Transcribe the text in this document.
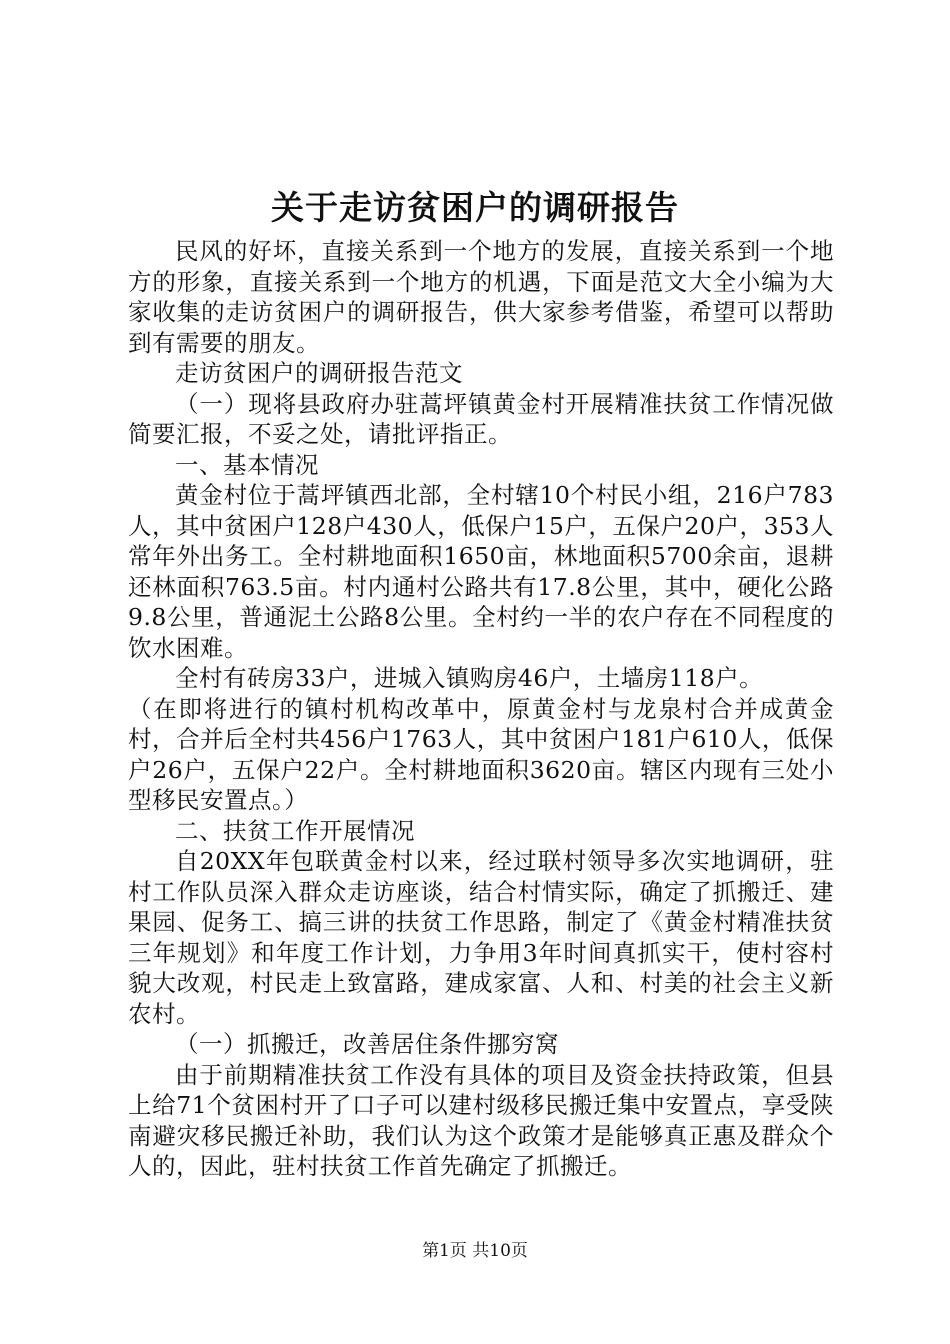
关于走访贫困户的调研报告

民风的好坏，直接关系到一个地方的发展，直接关系到一个地方的形象，直接关系到一个地方的机遇，下面是范文大全小编为大家收集的走访贫困户的调研报告，供大家参考借鉴，希望可以帮助到有需要的朋友。

走访贫困户的调研报告范文

（一）现将县政府办驻蒿坪镇黄金村开展精准扶贫工作情况做简要汇报，不妥之处，请批评指正。

一、基本情况

黄金村位于蒿坪镇西北部，全村辖10个村民小组，216户783人，其中贫困户128户430人，低保户15户，五保户20户，353人常年外出务工。全村耕地面积1650亩，林地面积5700余亩，退耕还林面积763.5亩。村内通村公路共有17.8公里，其中，硬化公路9.8公里，普通泥土公路8公里。全村约一半的农户存在不同程度的饮水困难。

全村有砖房33户，进城入镇购房46户，土墙房118户。

（在即将进行的镇村机构改革中，原黄金村与龙泉村合并成黄金村，合并后全村共456户1763人，其中贫困户181户610人，低保户26户，五保户22户。全村耕地面积3620亩。辖区内现有三处小型移民安置点。）

二、扶贫工作开展情况

自20XX年包联黄金村以来，经过联村领导多次实地调研，驻村工作队员深入群众走访座谈，结合村情实际，确定了抓搬迁、建果园、促务工、搞三讲的扶贫工作思路，制定了《黄金村精准扶贫三年规划》和年度工作计划，力争用3年时间真抓实干，使村容村貌大改观，村民走上致富路，建成家富、人和、村美的社会主义新农村。

（一）抓搬迁，改善居住条件挪穷窝

由于前期精准扶贫工作没有具体的项目及资金扶持政策，但县上给71个贫困村开了口子可以建村级移民搬迁集中安置点，享受陕南避灾移民搬迁补助，我们认为这个政策才是能够真正惠及群众个人的，因此，驻村扶贫工作首先确定了抓搬迁。

第1页 共10页
